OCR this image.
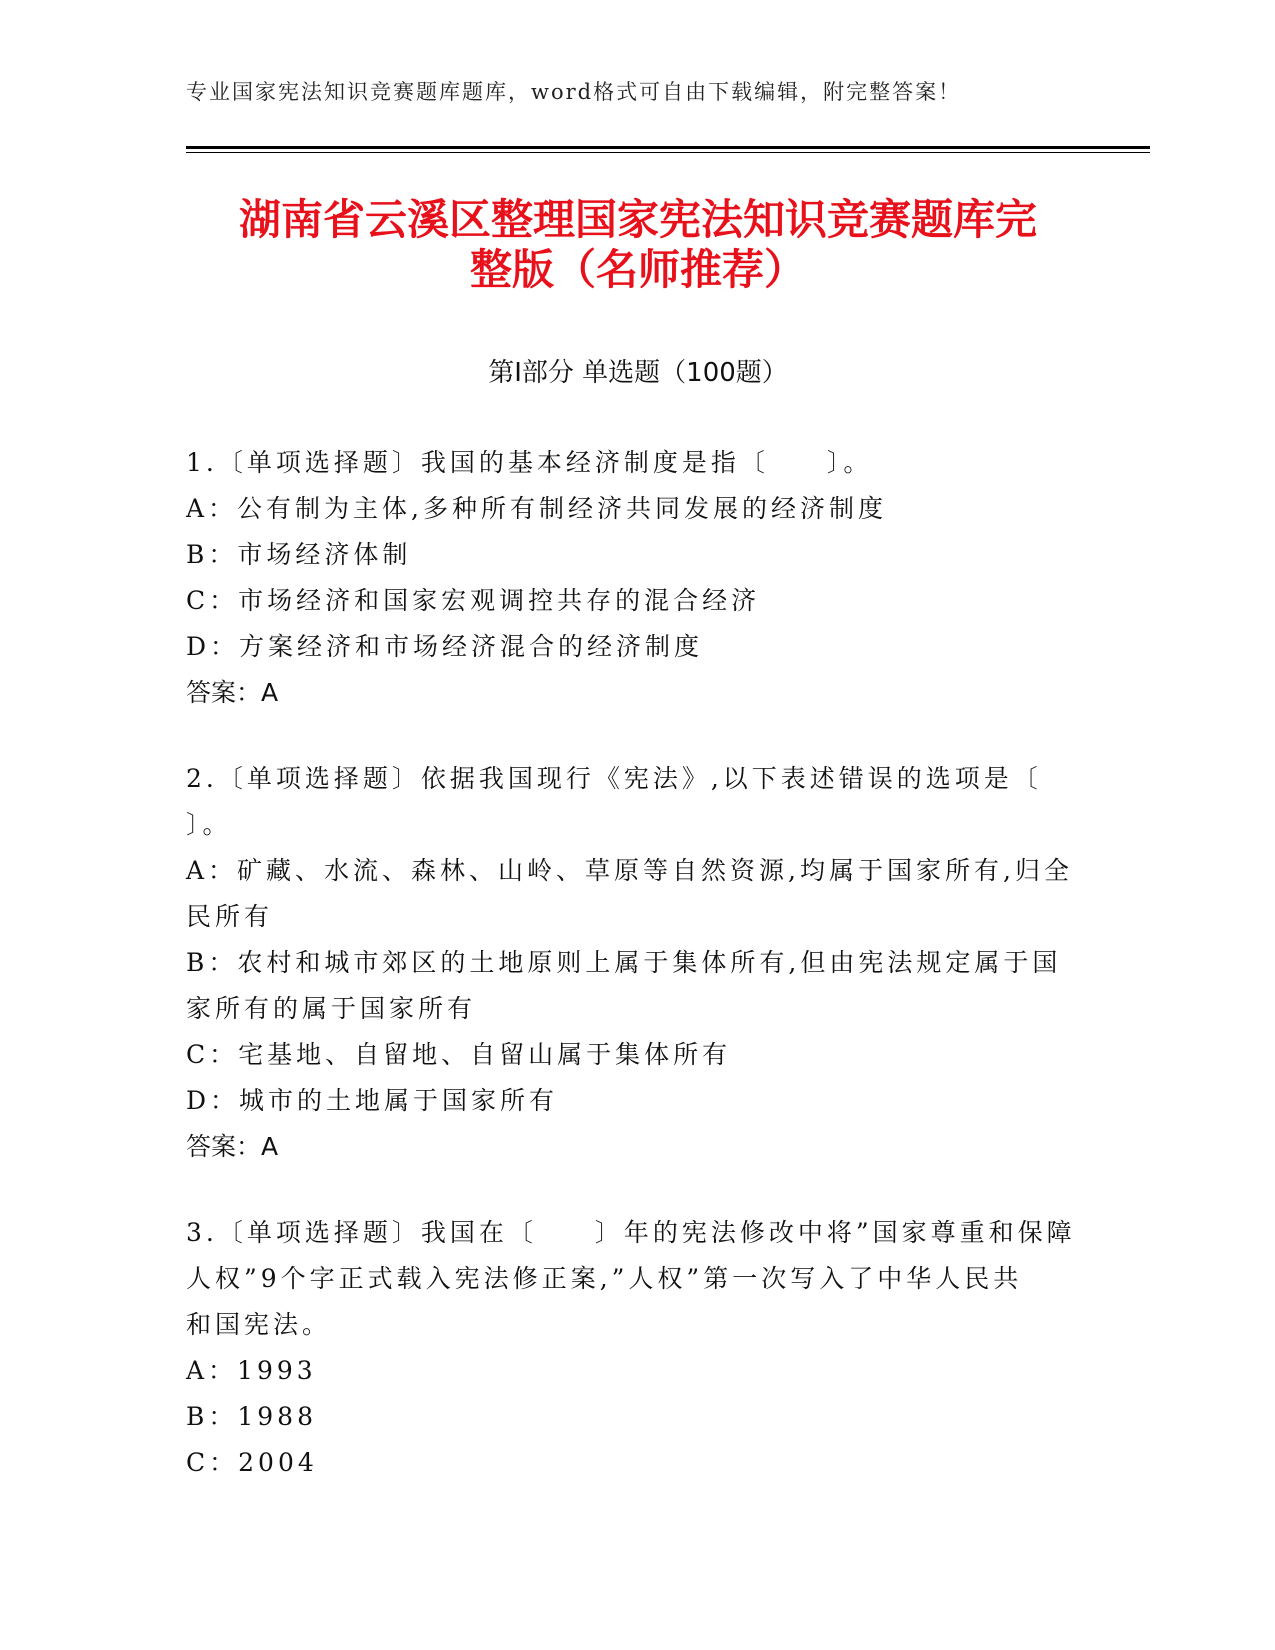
专业国家宪法知识竞赛题库题库，word格式可自由下载编辑，附完整答案！
湖南省云溪区整理国家宪法知识竞赛题库完
整版（名师推荐）
第Ⅰ部分 单选题（100题）
1.〔单项选择题〕我国的基本经济制度是指〔　　〕。
A：公有制为主体,多种所有制经济共同发展的经济制度
B：市场经济体制
C：市场经济和国家宏观调控共存的混合经济
D：方案经济和市场经济混合的经济制度
答案：A
2.〔单项选择题〕依据我国现行《宪法》,以下表述错误的选项是〔
〕。
A：矿藏、水流、森林、山岭、草原等自然资源,均属于国家所有,归全
民所有
B：农村和城市郊区的土地原则上属于集体所有,但由宪法规定属于国
家所有的属于国家所有
C：宅基地、自留地、自留山属于集体所有
D：城市的土地属于国家所有
答案：A
3.〔单项选择题〕我国在〔　　〕年的宪法修改中将”国家尊重和保障
人权”9个字正式载入宪法修正案,”人权”第一次写入了中华人民共
和国宪法。
A：1993
B：1988
C：2004
